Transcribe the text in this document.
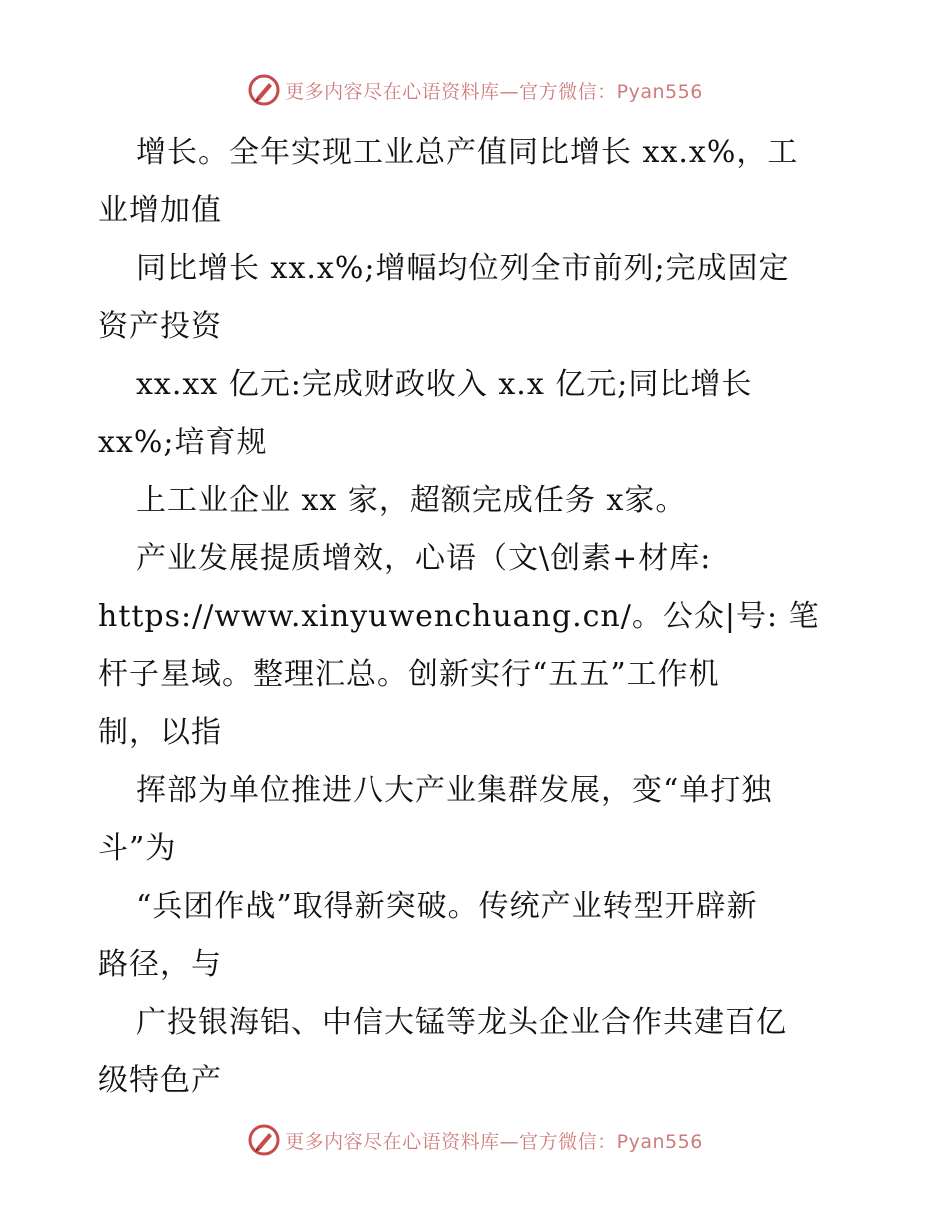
更多内容尽在心语资料库—官方微信：Pyan556
增长。全年实现工业总产值同比增长 xx.x%，工
业增加值
同比增长 xx.x%;增幅均位列全市前列;完成固定
资产投资
xx.xx 亿元:完成财政收入 x.x 亿元;同比增长
xx%;培育规
上工业企业 xx 家，超额完成任务 x家。
产业发展提质增效，心语（文\创素+材库:
https://www.xinyuwenchuang.cn/。公众|号: 笔
杆子星域。整理汇总。创新实行“五五”工作机
制，以指
挥部为单位推进八大产业集群发展，变“单打独
斗”为
“兵团作战”取得新突破。传统产业转型开辟新
路径，与
广投银海铝、中信大锰等龙头企业合作共建百亿
级特色产
更多内容尽在心语资料库—官方微信：Pyan556
